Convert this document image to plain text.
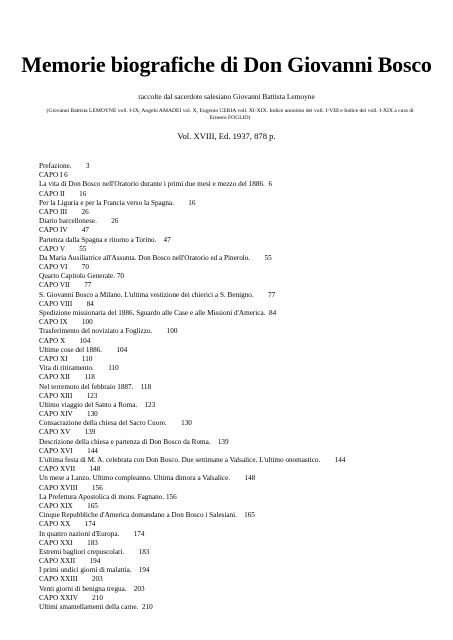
Memorie biografiche di Don Giovanni Bosco
raccolte dal sacerdote salesiano Giovanni Battista Lemoyne
(Giovanni Battista LEMOYNE voll. I-IX, Angelo AMADEI vol. X, Eugenio CERIA voll. XI-XIX. Indice anonimo dei voll. I-VIII e Indice dei voll. I-XIX a cura di Ernesto FOGLIO)
Vol. XVIII, Ed. 1937, 878 p.
Prefazione.        3
CAPO I 6
La vita di Don Bosco nell'Oratorio durante i primi due mesi e mezzo del 1886.  6
CAPO II        16
Per la Liguria e per la Francia verso la Spagna.        16
CAPO III        26
Diario barcellonese.        26
CAPO IV        47
Partenza dalla Spagna e ritorno a Torino.    47
CAPO V        55
Da Maria Ausiliatrice all'Assunta. Don Bosco nell'Oratorio ed a Pinerolo.        55
CAPO VI        70
Quarto Capitolo Generale. 70
CAPO VII        77
S. Giovanni Bosco a Milano. L'ultima vestizione dei chierici a S. Benigno.        77
CAPO VIII        84
Spedizione missionaria del 1886. Sguardo alle Case e alle Missioni d'America.  84
CAPO IX        100
Trasferimento del noviziato a Foglizzo.        100
CAPO X        104
Ultime cose del 1886.        104
CAPO XI        110
Vita di ritiramento.        110
CAPO XII        118
Nel terremoto del febbraio 1887.    118
CAPO XIII        123
Ultimo viaggio del Santo a Roma.    123
CAPO XIV        130
Consacrazione della chiesa del Sacro Cuore.        130
CAPO XV        139
Descrizione della chiesa e partenza di Don Bosco da Roma.    139
CAPO XVI        144
L'ultima festa di M. A. celebrata con Don Bosco. Due settimane a Valsalice. L'ultimo onomastico.        144
CAPO XVII        148
Un mese a Lanzo. Ultimo compleanno. Ultima dimora a Valsalice.        148
CAPO XVIII        156
La Prefettura Apostolica di mons. Fagnano. 156
CAPO XIX        165
Cinque Repubbliche d'America domandano a Don Bosco i Salesiani.    165
CAPO XX        174
In quattro nazioni d'Europa.        174
CAPO XXI        183
Estremi bagliori crepuscolari.        183
CAPO XXII        194
I primi undici giorni di malattia.    194
CAPO XXIII        203
Venti giorni di benigna tregua.    203
CAPO XXIV        210
Ultimi smantellamenti della carne.  210
